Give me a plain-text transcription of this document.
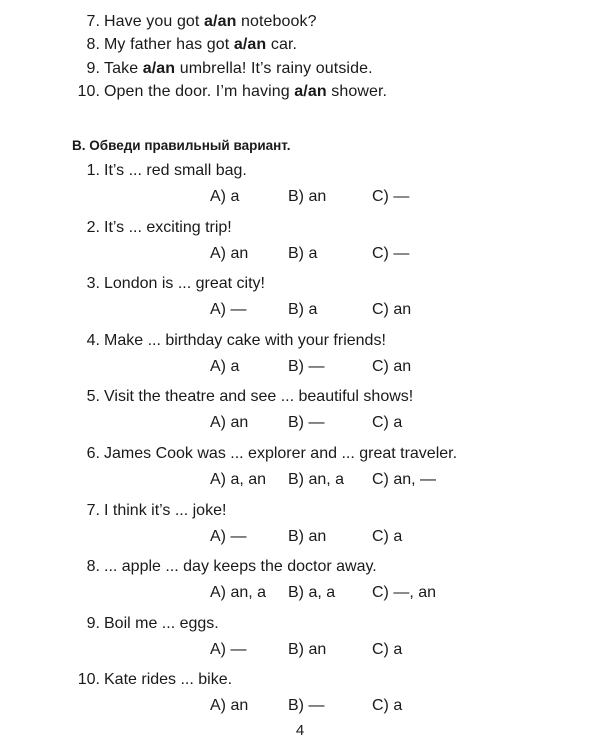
7. Have you got a/an notebook?
8. My father has got a/an car.
9. Take a/an umbrella! It’s rainy outside.
10. Open the door. I’m having a/an shower.
B. Обведи правильный вариант.
1. It’s ... red small bag.
A) a	B) an	C) —
2. It’s ... exciting trip!
A) an B) a	C) —
3. London is ... great city!
A) —	B) a	C) an
4. Make ... birthday cake with your friends!
A) a	B) —	C) an
5. Visit the theatre and see ... beautiful shows!
A) an B) —	C) a
6. James Cook was ... explorer and ... great traveler.
A) a, an B) an, a C) an, —
7. I think it’s ... joke!
A) —	B) an	C) a
8. ... apple ... day keeps the doctor away.
A) an, a B) a, a C) —, an
9. Boil me ... eggs.
A) —	B) an	C) a
10. Kate rides ... bike.
A) an B) —	C) a
4
